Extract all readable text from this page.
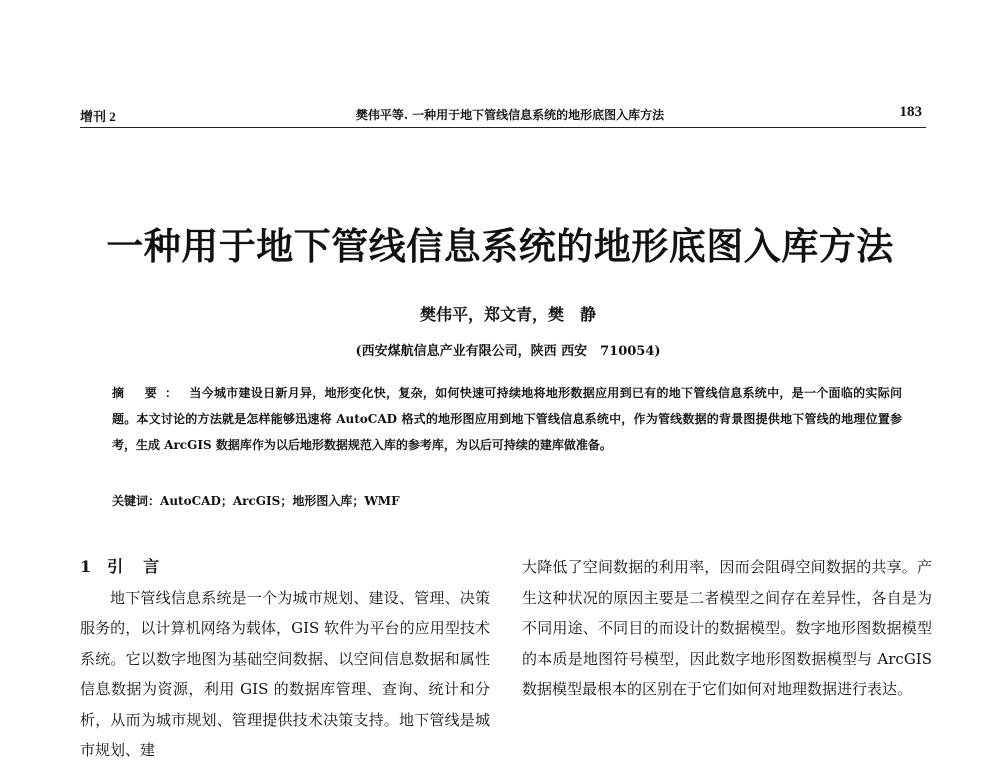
增刊 2	樊伟平等. 一种用于地下管线信息系统的地形底图入库方法	183
一种用于地下管线信息系统的地形底图入库方法
樊伟平，郑文青，樊　静
(西安煤航信息产业有限公司，陕西 西安　710054)
摘 要： 当今城市建设日新月异，地形变化快，复杂，如何快速可持续地将地形数据应用到已有的地下管线信息系统中，是一个面临的实际问题。本文讨论的方法就是怎样能够迅速将 AutoCAD 格式的地形图应用到地下管线信息系统中，作为管线数据的背景图提供地下管线的地理位置参考，生成 ArcGIS 数据库作为以后地形数据规范入库的参考库，为以后可持续的建库做准备。
关键词：AutoCAD；ArcGIS；地形图入库；WMF
1 引 言
地下管线信息系统是一个为城市规划、建设、管理、决策服务的，以计算机网络为载体，GIS 软件为平台的应用型技术系统。它以数字地图为基础空间数据、以空间信息数据和属性信息数据为资源，利用 GIS 的数据库管理、查询、统计和分析，从而为城市规划、管理提供技术决策支持。地下管线是城市规划、建
大降低了空间数据的利用率，因而会阻碍空间数据的共享。产生这种状况的原因主要是二者模型之间存在差异性，各自是为不同用途、不同目的而设计的数据模型。数字地形图数据模型的本质是地图符号模型，因此数字地形图数据模型与 ArcGIS 数据模型最根本的区别在于它们如何对地理数据进行表达。
